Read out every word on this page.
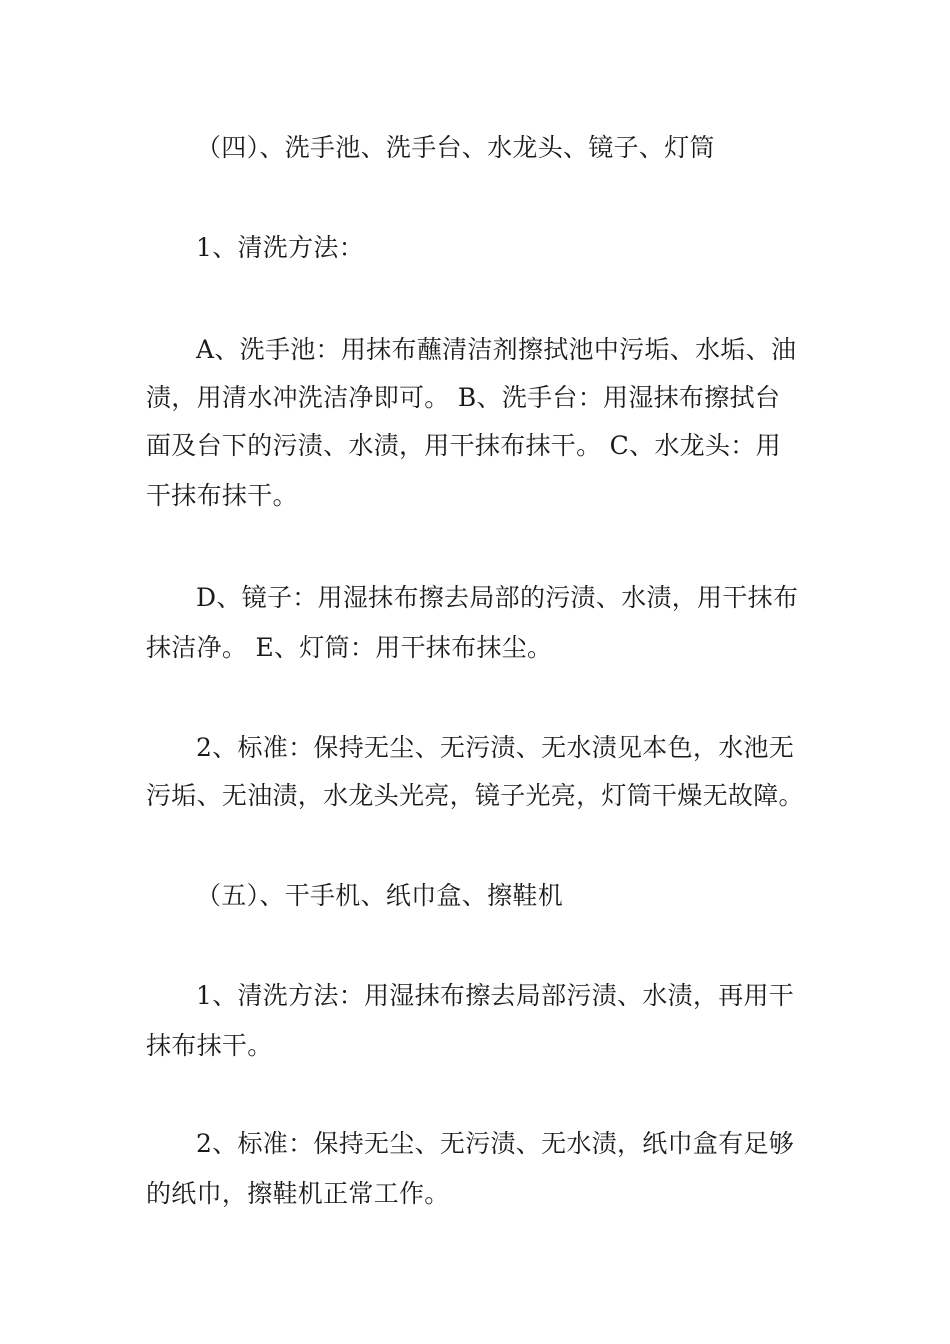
（四）、洗手池、洗手台、水龙头、镜子、灯筒

1、清洗方法：

A、洗手池：用抹布蘸清洁剂擦拭池中污垢、水垢、油

渍，用清水冲洗洁净即可。 B、洗手台：用湿抹布擦拭台

面及台下的污渍、水渍，用干抹布抹干。 C、水龙头：用

干抹布抹干。

D、镜子：用湿抹布擦去局部的污渍、水渍，用干抹布

抹洁净。 E、灯筒：用干抹布抹尘。

2、标准：保持无尘、无污渍、无水渍见本色，水池无

污垢、无油渍，水龙头光亮，镜子光亮，灯筒干燥无故障。

（五）、干手机、纸巾盒、擦鞋机

1、清洗方法：用湿抹布擦去局部污渍、水渍，再用干

抹布抹干。

2、标准：保持无尘、无污渍、无水渍，纸巾盒有足够

的纸巾，擦鞋机正常工作。
